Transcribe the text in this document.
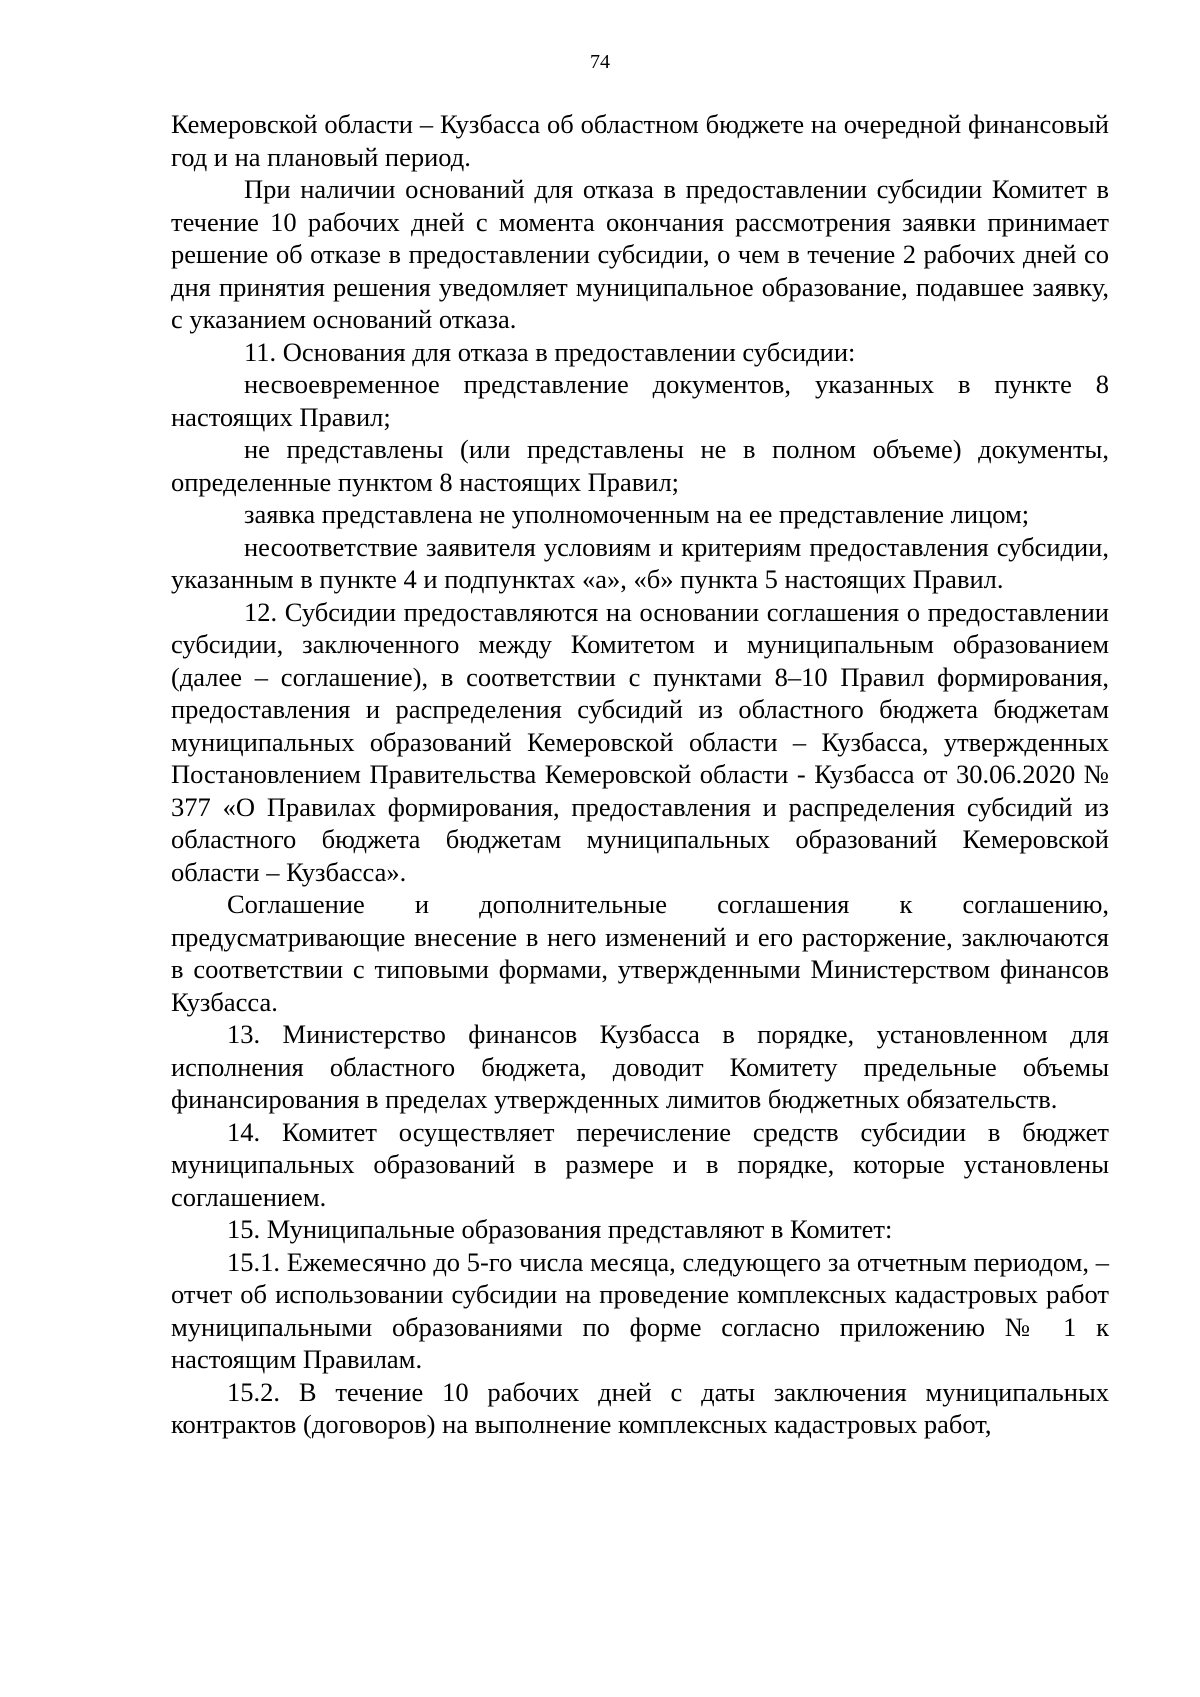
74

Кемеровской области – Кузбасса об областном бюджете на очередной финансовый год и на плановый период.

При наличии оснований для отказа в предоставлении субсидии Комитет в течение 10 рабочих дней с момента окончания рассмотрения заявки принимает решение об отказе в предоставлении субсидии, о чем в течение 2 рабочих дней со дня принятия решения уведомляет муниципальное образование, подавшее заявку, с указанием оснований отказа.

11. Основания для отказа в предоставлении субсидии:

несвоевременное представление документов, указанных в пункте 8 настоящих Правил;

не представлены (или представлены не в полном объеме) документы, определенные пунктом 8 настоящих Правил;

заявка представлена не уполномоченным на ее представление лицом;

несоответствие заявителя условиям и критериям предоставления субсидии, указанным в пункте 4 и подпунктах «а», «б» пункта 5 настоящих Правил.

12. Субсидии предоставляются на основании соглашения о предоставлении субсидии, заключенного между Комитетом и муниципальным образованием (далее – соглашение), в соответствии с пунктами 8–10 Правил формирования, предоставления и распределения субсидий из областного бюджета бюджетам муниципальных образований Кемеровской области – Кузбасса, утвержденных Постановлением Правительства Кемеровской области - Кузбасса от 30.06.2020 № 377 «О Правилах формирования, предоставления и распределения субсидий из областного бюджета бюджетам муниципальных образований Кемеровской области – Кузбасса».

Соглашение и дополнительные соглашения к соглашению, предусматривающие внесение в него изменений и его расторжение, заключаются в соответствии с типовыми формами, утвержденными Министерством финансов Кузбасса.

13. Министерство финансов Кузбасса в порядке, установленном для исполнения областного бюджета, доводит Комитету предельные объемы финансирования в пределах утвержденных лимитов бюджетных обязательств.

14. Комитет осуществляет перечисление средств субсидии в бюджет муниципальных образований в размере и в порядке, которые установлены соглашением.

15. Муниципальные образования представляют в Комитет:

15.1. Ежемесячно до 5-го числа месяца, следующего за отчетным периодом, – отчет об использовании субсидии на проведение комплексных кадастровых работ муниципальными образованиями по форме согласно приложению № 1 к настоящим Правилам.

15.2. В течение 10 рабочих дней с даты заключения муниципальных контрактов (договоров) на выполнение комплексных кадастровых работ,
